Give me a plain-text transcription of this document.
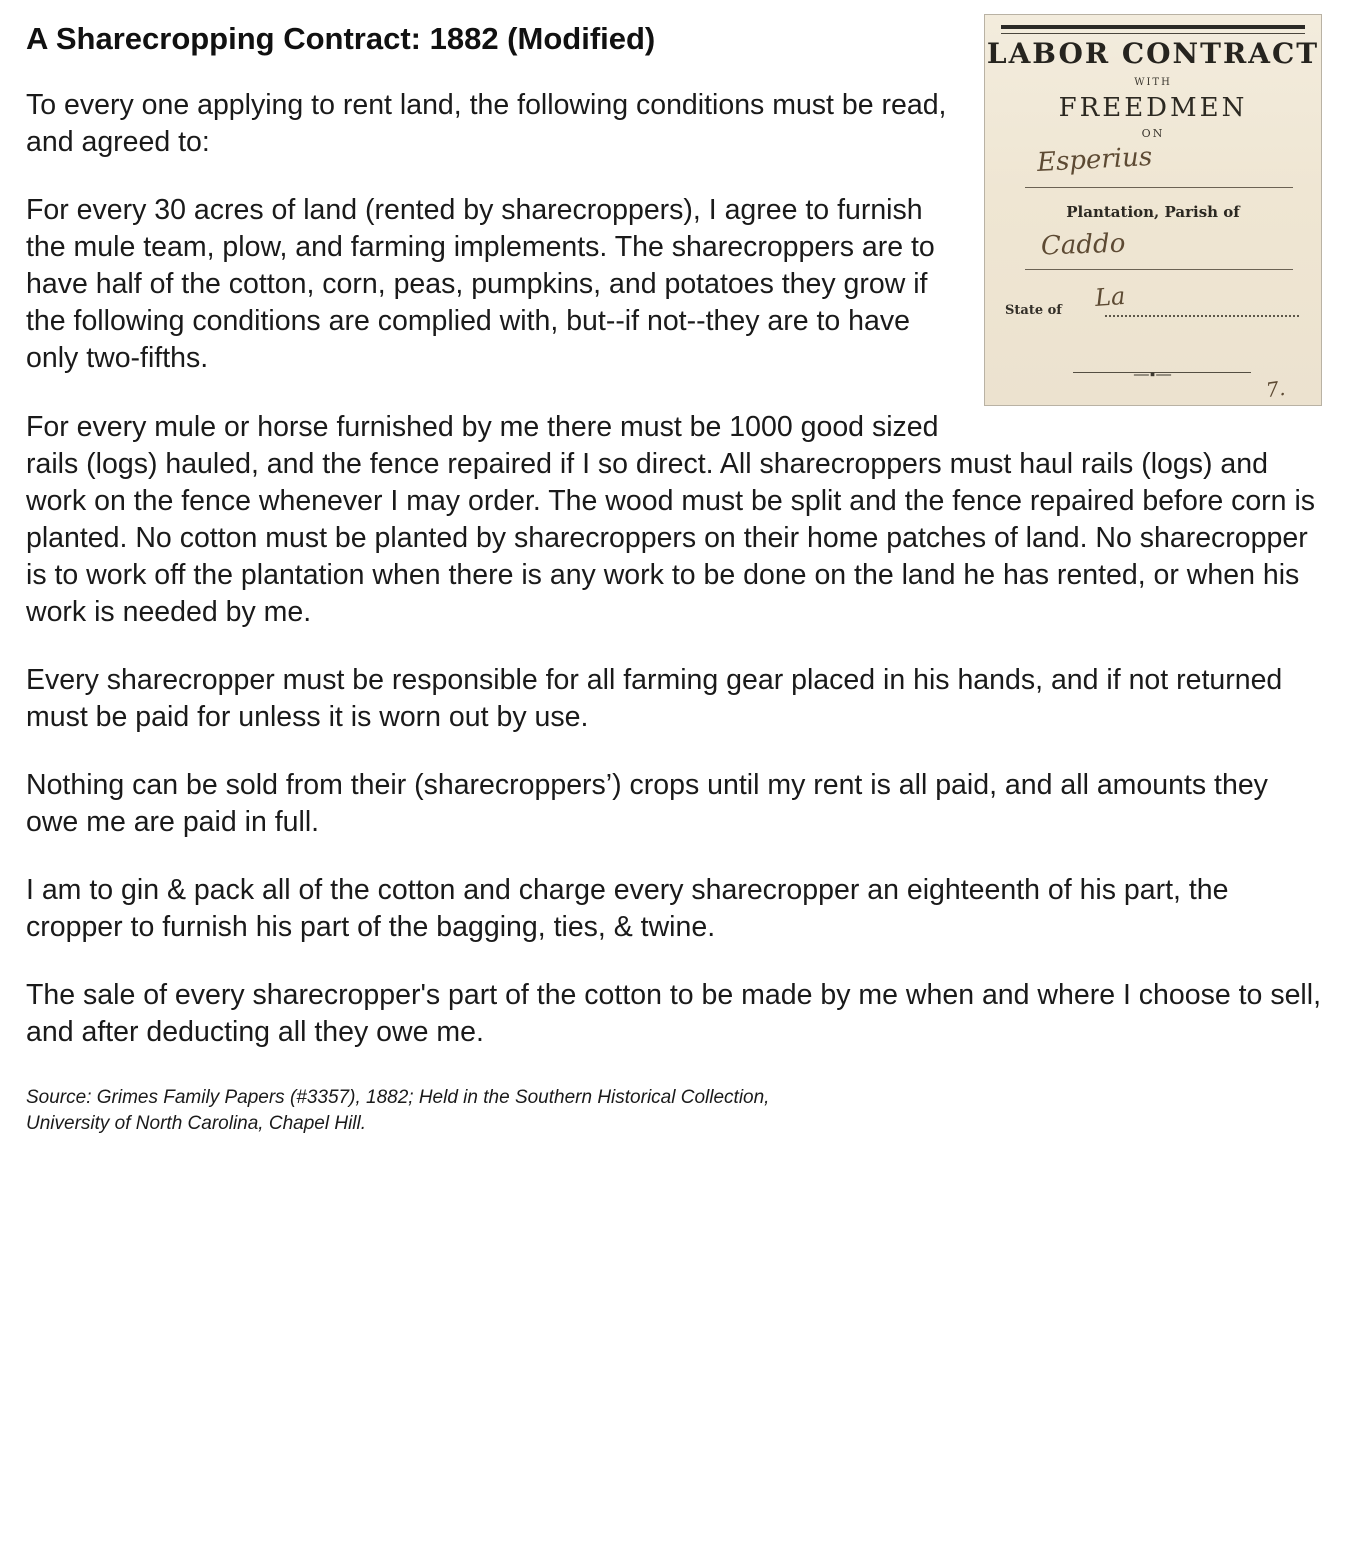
LABOR CONTRACT
WITH
FREEDMEN
ON
Esperius
Plantation, Parish of
Caddo
State of La
—▪—
7.
A Sharecropping Contract: 1882 (Modified)

To every one applying to rent land, the following conditions must be read, and agreed to:

For every 30 acres of land (rented by sharecroppers), I agree to furnish the mule team, plow, and farming implements. The sharecroppers are to have half of the cotton, corn, peas, pumpkins, and potatoes they grow if the following conditions are complied with, but--if not--they are to have only two-fifths.

For every mule or horse furnished by me there must be 1000 good sized rails (logs) hauled, and the fence repaired if I so direct. All sharecroppers must haul rails (logs) and work on the fence whenever I may order. The wood must be split and the fence repaired before corn is planted. No cotton must be planted by sharecroppers on their home patches of land. No sharecropper is to work off the plantation when there is any work to be done on the land he has rented, or when his work is needed by me.

Every sharecropper must be responsible for all farming gear placed in his hands, and if not returned must be paid for unless it is worn out by use.

Nothing can be sold from their (sharecroppers’) crops until my rent is all paid, and all amounts they owe me are paid in full.

I am to gin & pack all of the cotton and charge every sharecropper an eighteenth of his part, the cropper to furnish his part of the bagging, ties, & twine.

The sale of every sharecropper's part of the cotton to be made by me when and where I choose to sell, and after deducting all they owe me.

Source: Grimes Family Papers (#3357), 1882; Held in the Southern Historical Collection,
University of North Carolina, Chapel Hill.
